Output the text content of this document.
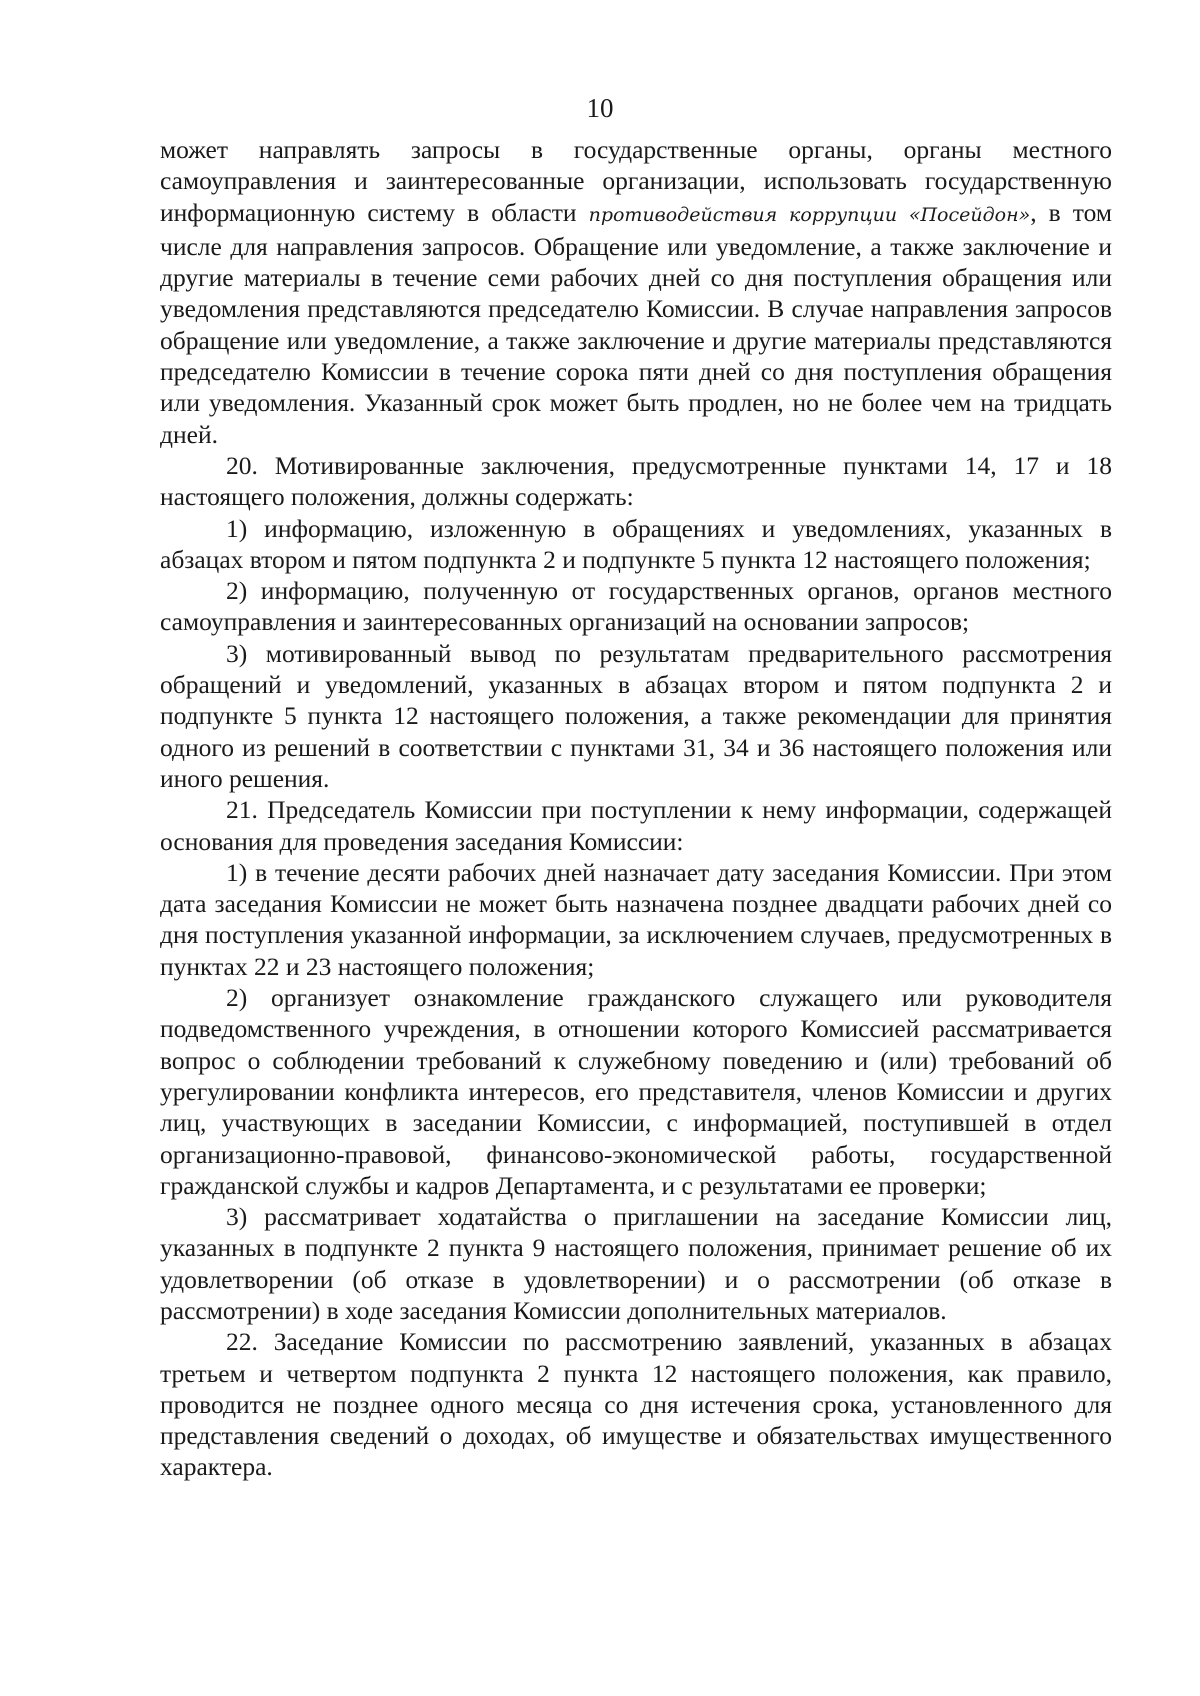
10

может направлять запросы в государственные органы, органы местного самоуправления и заинтересованные организации, использовать государственную информационную систему в области противодействия коррупции «Посейдон», в том числе для направления запросов. Обращение или уведомление, а также заключение и другие материалы в течение семи рабочих дней со дня поступления обращения или уведомления представляются председателю Комиссии. В случае направления запросов обращение или уведомление, а также заключение и другие материалы представляются председателю Комиссии в течение сорока пяти дней со дня поступления обращения или уведомления. Указанный срок может быть продлен, но не более чем на тридцать дней.

20. Мотивированные заключения, предусмотренные пунктами 14, 17 и 18 настоящего положения, должны содержать:

1) информацию, изложенную в обращениях и уведомлениях, указанных в абзацах втором и пятом подпункта 2 и подпункте 5 пункта 12 настоящего положения;

2) информацию, полученную от государственных органов, органов местного самоуправления и заинтересованных организаций на основании запросов;

3) мотивированный вывод по результатам предварительного рассмотрения обращений и уведомлений, указанных в абзацах втором и пятом подпункта 2 и подпункте 5 пункта 12 настоящего положения, а также рекомендации для принятия одного из решений в соответствии с пунктами 31, 34 и 36 настоящего положения или иного решения.

21. Председатель Комиссии при поступлении к нему информации, содержащей основания для проведения заседания Комиссии:

1) в течение десяти рабочих дней назначает дату заседания Комиссии. При этом дата заседания Комиссии не может быть назначена позднее двадцати рабочих дней со дня поступления указанной информации, за исключением случаев, предусмотренных в пунктах 22 и 23 настоящего положения;

2) организует ознакомление гражданского служащего или руководителя подведомственного учреждения, в отношении которого Комиссией рассматривается вопрос о соблюдении требований к служебному поведению и (или) требований об урегулировании конфликта интересов, его представителя, членов Комиссии и других лиц, участвующих в заседании Комиссии, с информацией, поступившей в отдел организационно-правовой, финансово-экономической работы, государственной гражданской службы и кадров Департамента, и с результатами ее проверки;

3) рассматривает ходатайства о приглашении на заседание Комиссии лиц, указанных в подпункте 2 пункта 9 настоящего положения, принимает решение об их удовлетворении (об отказе в удовлетворении) и о рассмотрении (об отказе в рассмотрении) в ходе заседания Комиссии дополнительных материалов.

22. Заседание Комиссии по рассмотрению заявлений, указанных в абзацах третьем и четвертом подпункта 2 пункта 12 настоящего положения, как правило, проводится не позднее одного месяца со дня истечения срока, установленного для представления сведений о доходах, об имуществе и обязательствах имущественного характера.
